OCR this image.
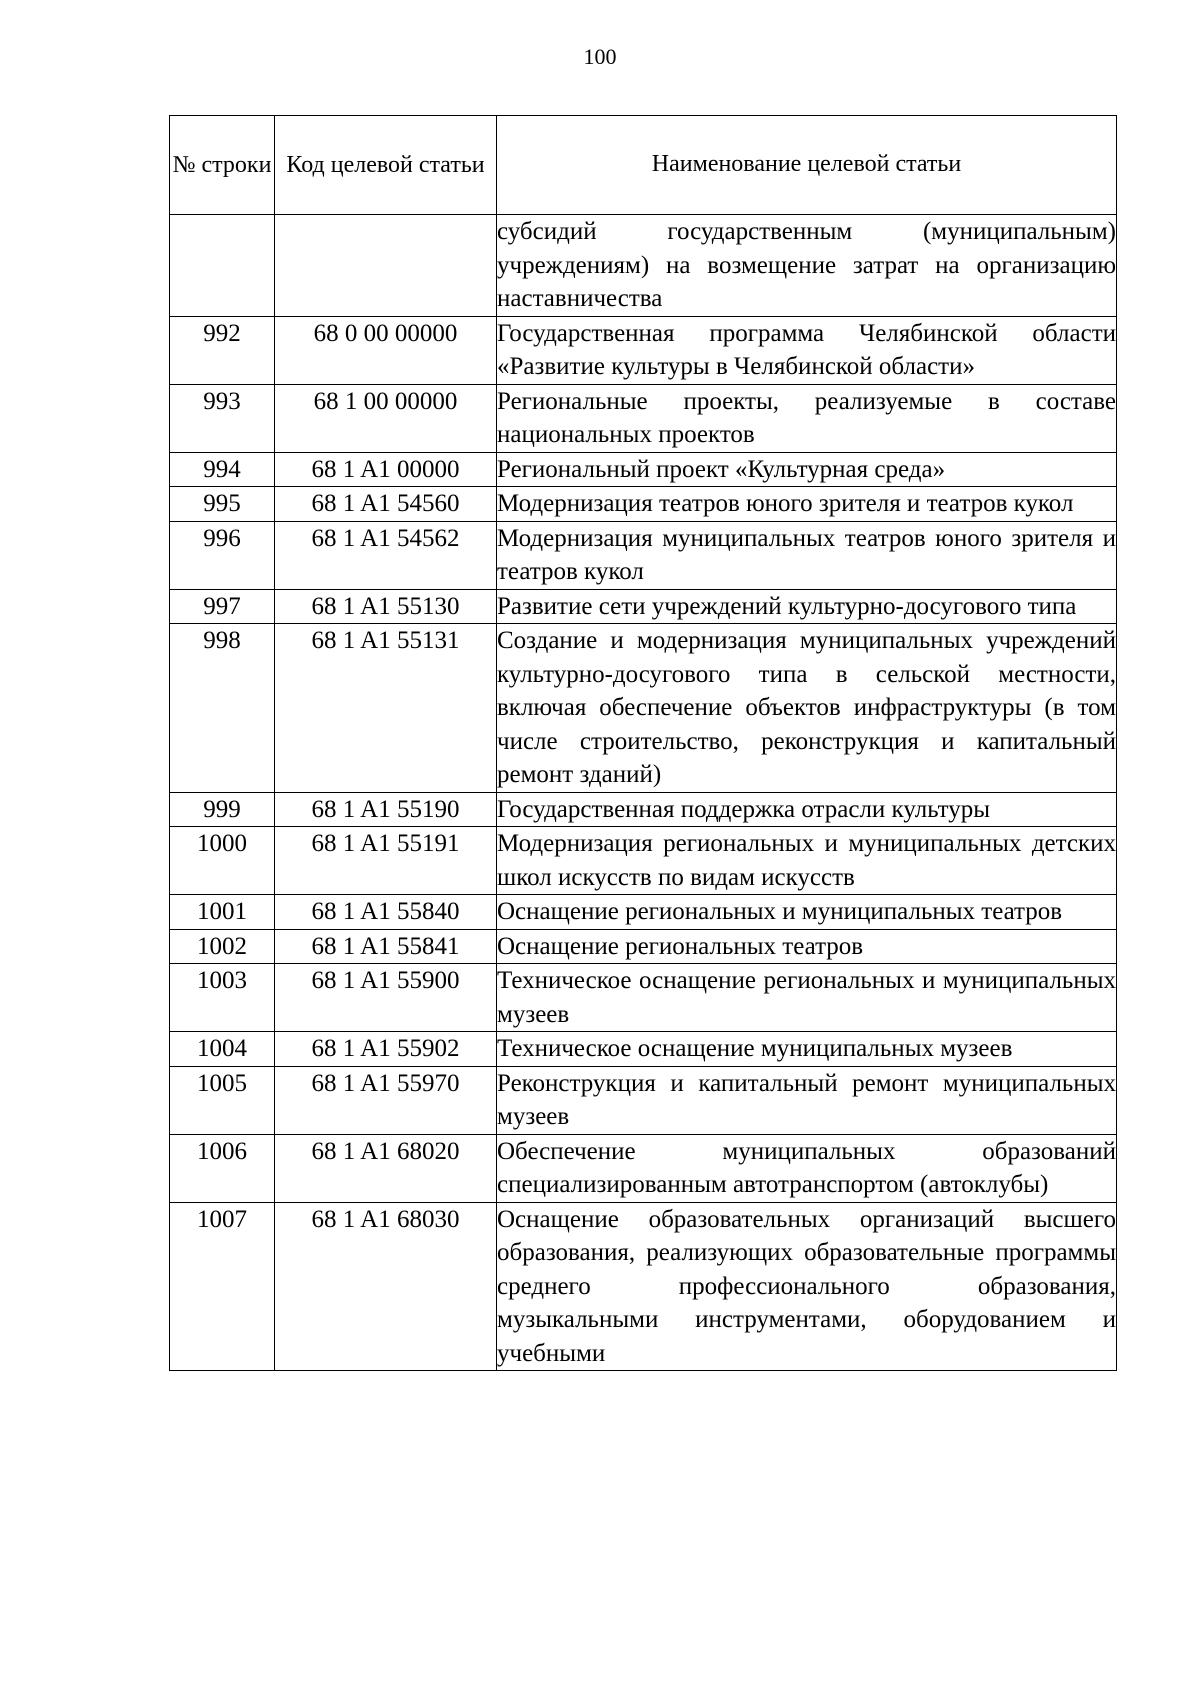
100
№ строки	Код целевой статьи	Наименование целевой статьи
		субсидий государственным (муниципальным) учреждениям) на возмещение затрат на организацию наставничества
992	68 0 00 00000	Государственная программа Челябинской области «Развитие культуры в Челябинской области»
993	68 1 00 00000	Региональные проекты, реализуемые в составе национальных проектов
994	68 1 A1 00000	Региональный проект «Культурная среда»
995	68 1 A1 54560	Модернизация театров юного зрителя и театров кукол
996	68 1 A1 54562	Модернизация муниципальных театров юного зрителя и театров кукол
997	68 1 A1 55130	Развитие сети учреждений культурно-досугового типа
998	68 1 A1 55131	Создание и модернизация муниципальных учреждений культурно-досугового типа в сельской местности, включая обеспечение объектов инфраструктуры (в том числе строительство, реконструкция и капитальный ремонт зданий)
999	68 1 A1 55190	Государственная поддержка отрасли культуры
1000	68 1 A1 55191	Модернизация региональных и муниципальных детских школ искусств по видам искусств
1001	68 1 A1 55840	Оснащение региональных и муниципальных театров
1002	68 1 A1 55841	Оснащение региональных театров
1003	68 1 A1 55900	Техническое оснащение региональных и муниципальных музеев
1004	68 1 A1 55902	Техническое оснащение муниципальных музеев
1005	68 1 A1 55970	Реконструкция и капитальный ремонт муниципальных музеев
1006	68 1 A1 68020	Обеспечение муниципальных образований специализированным автотранспортом (автоклубы)
1007	68 1 A1 68030	Оснащение образовательных организаций высшего образования, реализующих образовательные программы среднего профессионального образования, музыкальными инструментами, оборудованием и учебными
